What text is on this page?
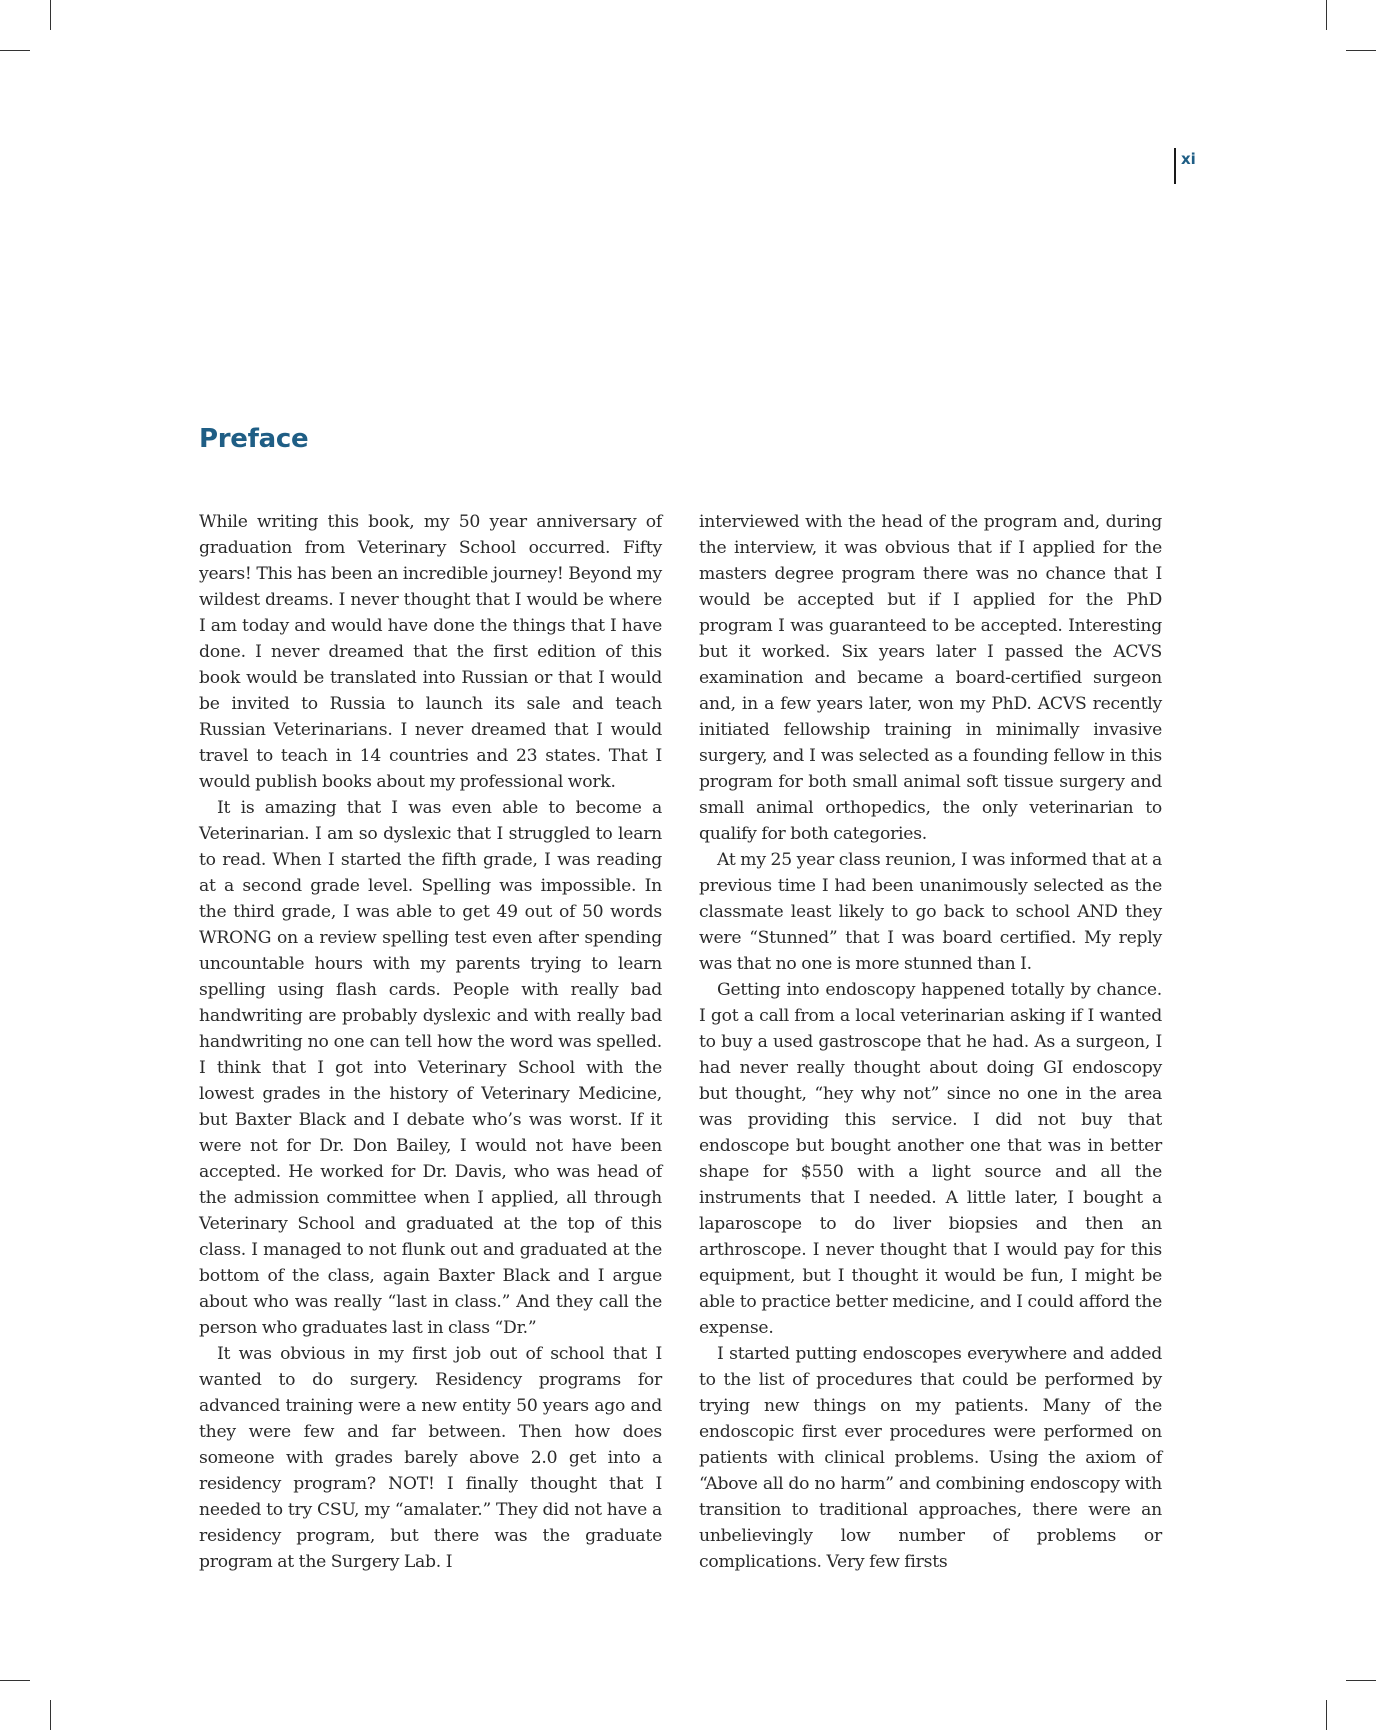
xi
Preface

While writing this book, my 50 year anniversary of graduation from Veterinary School occurred. Fifty years! This has been an incredible journey! Beyond my wildest dreams. I never thought that I would be where I am today and would have done the things that I have done. I never dreamed that the first edition of this book would be translated into Russian or that I would be invited to Russia to launch its sale and teach Russian Veterinarians. I never dreamed that I would travel to teach in 14 countries and 23 states. That I would publish books about my professional work.

It is amazing that I was even able to become a Veterinarian. I am so dyslexic that I struggled to learn to read. When I started the fifth grade, I was reading at a second grade level. Spelling was impossible. In the third grade, I was able to get 49 out of 50 words WRONG on a review spelling test even after spending uncountable hours with my parents trying to learn spelling using flash cards. People with really bad handwriting are probably dyslexic and with really bad handwriting no one can tell how the word was spelled. I think that I got into Veterinary School with the lowest grades in the history of Veterinary Medicine, but Baxter Black and I debate who’s was worst. If it were not for Dr. Don Bailey, I would not have been accepted. He worked for Dr. Davis, who was head of the admission committee when I applied, all through Veterinary School and graduated at the top of this class. I managed to not flunk out and graduated at the bottom of the class, again Baxter Black and I argue about who was really “last in class.” And they call the person who graduates last in class “Dr.”

It was obvious in my first job out of school that I wanted to do surgery. Residency programs for advanced training were a new entity 50 years ago and they were few and far between. Then how does someone with grades barely above 2.0 get into a residency program? NOT! I finally thought that I needed to try CSU, my “amalater.” They did not have a residency program, but there was the graduate program at the Surgery Lab. I

interviewed with the head of the program and, during the interview, it was obvious that if I applied for the masters degree program there was no chance that I would be accepted but if I applied for the PhD program I was guaranteed to be accepted. Interesting but it worked. Six years later I passed the ACVS examination and became a board-certified surgeon and, in a few years later, won my PhD. ACVS recently initiated fellowship training in minimally invasive surgery, and I was selected as a founding fellow in this program for both small animal soft tissue surgery and small animal orthopedics, the only veterinarian to qualify for both categories.

At my 25 year class reunion, I was informed that at a previous time I had been unanimously selected as the classmate least likely to go back to school AND they were “Stunned” that I was board certified. My reply was that no one is more stunned than I.

Getting into endoscopy happened totally by chance. I got a call from a local veterinarian asking if I wanted to buy a used gastroscope that he had. As a surgeon, I had never really thought about doing GI endoscopy but thought, “hey why not” since no one in the area was providing this service. I did not buy that endoscope but bought another one that was in better shape for $550 with a light source and all the instruments that I needed. A little later, I bought a laparoscope to do liver biopsies and then an arthroscope. I never thought that I would pay for this equipment, but I thought it would be fun, I might be able to practice better medicine, and I could afford the expense.

I started putting endoscopes everywhere and added to the list of procedures that could be performed by trying new things on my patients. Many of the endoscopic first ever procedures were performed on patients with clinical problems. Using the axiom of “Above all do no harm” and combining endoscopy with transition to traditional approaches, there were an unbelievingly low number of problems or complications. Very few firsts
